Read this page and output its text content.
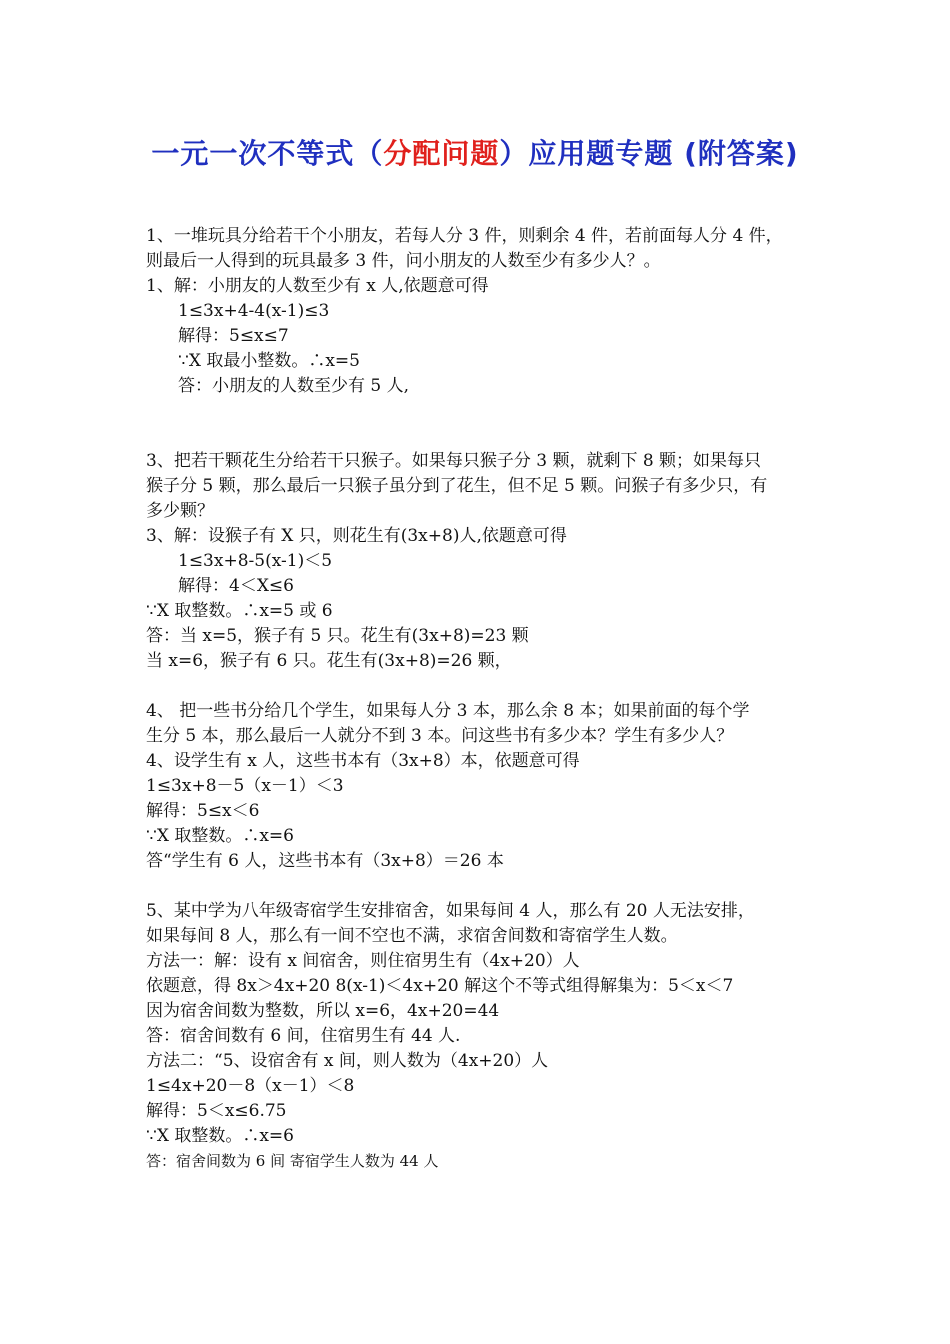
一元一次不等式（分配问题）应用题专题 (附答案)
1、一堆玩具分给若干个小朋友，若每人分 3 件，则剩余 4 件，若前面每人分 4 件，
则最后一人得到的玩具最多 3 件，问小朋友的人数至少有多少人？。
1、解：小朋友的人数至少有 x 人,依题意可得
1≤3x+4-4(x-1)≤3
解得：5≤x≤7
∵X 取最小整数。∴x=5
答：小朋友的人数至少有 5 人,
3、把若干颗花生分给若干只猴子。如果每只猴子分 3 颗，就剩下 8 颗；如果每只
猴子分 5 颗，那么最后一只猴子虽分到了花生，但不足 5 颗。问猴子有多少只，有
多少颗？
3、解：设猴子有 X 只，则花生有(3x+8)人,依题意可得
1≤3x+8-5(x-1)＜5
解得：4＜X≤6
∵X 取整数。∴x=5 或 6
答：当 x=5，猴子有 5 只。花生有(3x+8)=23 颗
当 x=6，猴子有 6 只。花生有(3x+8)=26 颗，
4、 把一些书分给几个学生，如果每人分 3 本，那么余 8 本；如果前面的每个学
生分 5 本，那么最后一人就分不到 3 本。问这些书有多少本？学生有多少人？
4、设学生有 x 人，这些书本有（3x+8）本，依题意可得
1≤3x+8－5（x－1）＜3
解得：5≤x＜6
∵X 取整数。∴x=6
答“学生有 6 人，这些书本有（3x+8）＝26 本
5、某中学为八年级寄宿学生安排宿舍，如果每间 4 人，那么有 20 人无法安排，
如果每间 8 人，那么有一间不空也不满，求宿舍间数和寄宿学生人数。
方法一：解：设有 x 间宿舍，则住宿男生有（4x+20）人
依题意，得 8x＞4x+20 8(x-1)＜4x+20 解这个不等式组得解集为：5＜x＜7
因为宿舍间数为整数，所以 x=6，4x+20=44
答：宿舍间数有 6 间，住宿男生有 44 人.
方法二：“5、设宿舍有 x 间，则人数为（4x+20）人
1≤4x+20－8（x－1）＜8
解得：5＜x≤6.75
∵X 取整数。∴x=6
答：宿舍间数为 6 间 寄宿学生人数为 44 人
